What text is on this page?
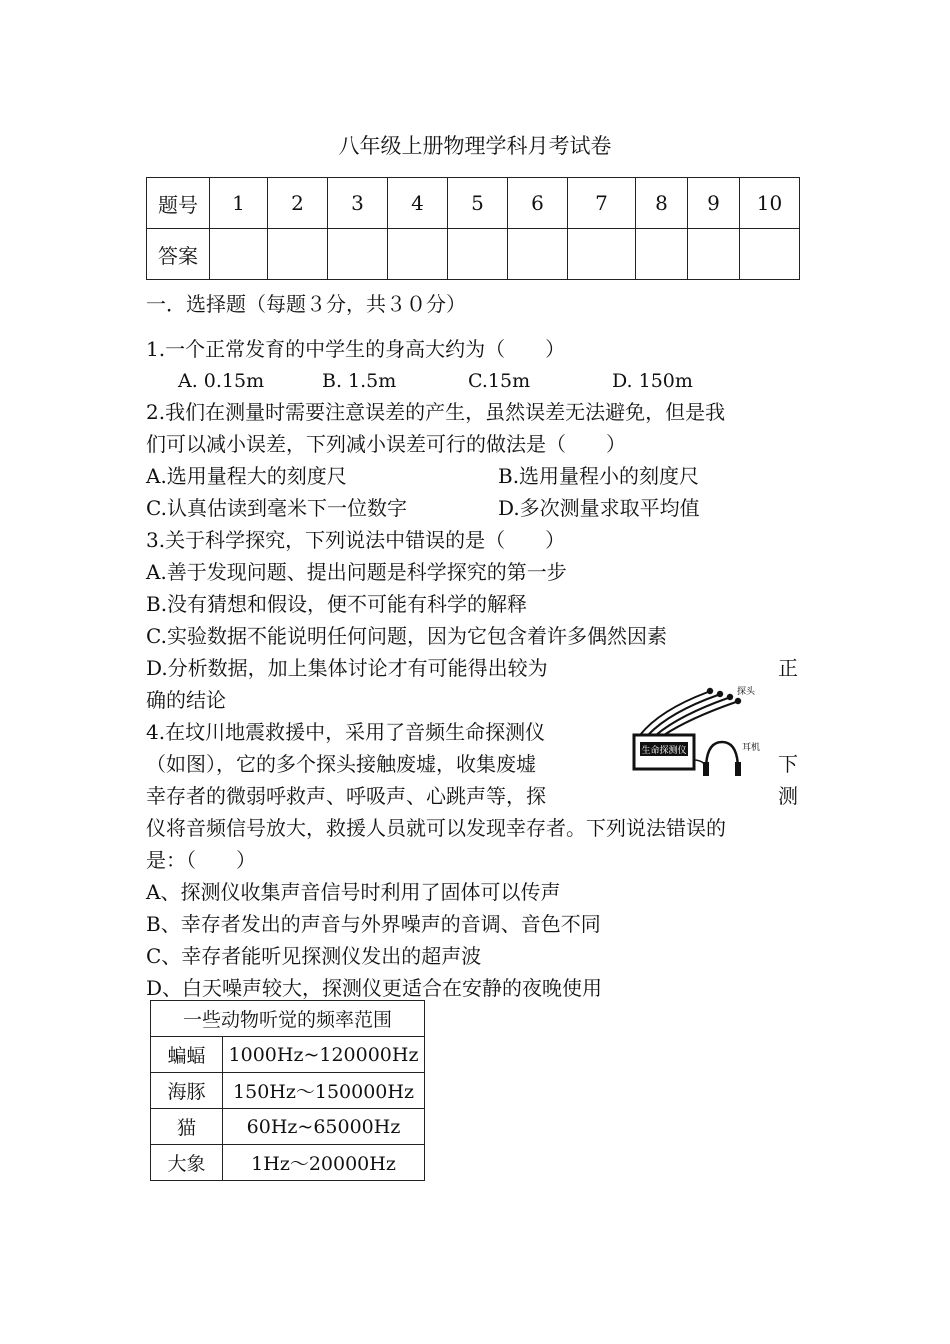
八年级上册物理学科月考试卷
题号	1	2	3	4	5	6	7	8	9	10
答案										
一．选择题（每题３分，共３０分）
1.一个正常发育的中学生的身高大约为（　　）
A. 0.15m	B. 1.5m	C.15m	D. 150m
2.我们在测量时需要注意误差的产生，虽然误差无法避免，但是我
们可以减小误差，下列减小误差可行的做法是（　　）
A.选用量程大的刻度尺	B.选用量程小的刻度尺
C.认真估读到毫米下一位数字	D.多次测量求取平均值
3.关于科学探究，下列说法中错误的是（　　）
A.善于发现问题、提出问题是科学探究的第一步
B.没有猜想和假设，便不可能有科学的解释
C.实验数据不能说明任何问题，因为它包含着许多偶然因素
D.分析数据，加上集体讨论才有可能得出较为	正
确的结论
4.在坟川地震救援中，采用了音频生命探测仪
（如图），它的多个探头接触废墟，收集废墟	下
幸存者的微弱呼救声、呼吸声、心跳声等，探	测
仪将音频信号放大，救援人员就可以发现幸存者。下列说法错误的
是：（　　）
A、探测仪收集声音信号时利用了固体可以传声
B、幸存者发出的声音与外界噪声的音调、音色不同
C、幸存者能听见探测仪发出的超声波
D、白天噪声较大，探测仪更适合在安静的夜晚使用
探头
生命探测仪	耳机
一些动物听觉的频率范围	
蝙蝠	1000Hz~120000Hz
海豚	150Hz～150000Hz
猫	60Hz~65000Hz
大象	1Hz～20000Hz
